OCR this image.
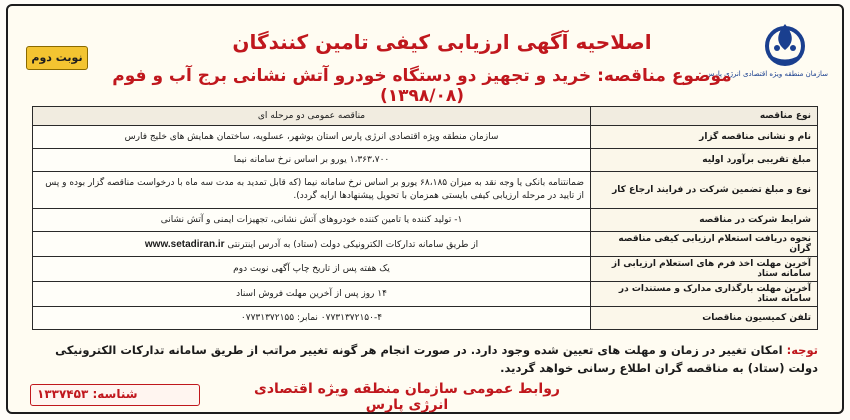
سازمان منطقه ویژه اقتصادی انرژی پارس
اصلاحیه آگهی ارزیابی کیفی تامین کنندگان
موضوع مناقصه: خرید و تجهیز دو دستگاه خودرو آتش نشانی برج آب و فوم (۱۳۹۸/۰۸)
نوبت دوم
نوع مناقصه	مناقصه عمومی دو مرحله ای
نام و نشانی مناقصه گزار	سازمان منطقه ویژه اقتصادی انرژی پارس استان بوشهر، عسلویه، ساختمان همایش های خلیج فارس
مبلغ تقریبی برآورد اولیه	۱،۳۶۳،۷۰۰ یورو بر اساس نرخ سامانه نیما
نوع و مبلغ تضمین شرکت در فرایند ارجاع کار	ضمانتنامه بانکی یا وجه نقد به میزان ۶۸،۱۸۵ یورو بر اساس نرخ سامانه نیما (که قابل تمدید به مدت سه ماه با درخواست مناقصه گزار بوده و پس از تایید در مرحله ارزیابی کیفی بایستی همزمان با تحویل پیشنهادها ارایه گردد).
شرایط شرکت در مناقصه	۱- تولید کننده یا تامین کننده خودروهای آتش نشانی، تجهیزات ایمنی و آتش نشانی
نحوه دریافت استعلام ارزیابی کیفی مناقصه گران	از طریق سامانه تدارکات الکترونیکی دولت (ستاد) به آدرس اینترنتی www.setadiran.ir
آخرین مهلت اخذ فرم های استعلام ارزیابی از سامانه ستاد	یک هفته پس از تاریخ چاپ آگهی نوبت دوم
آخرین مهلت بارگذاری مدارک و مستندات در سامانه ستاد	۱۴ روز پس از آخرین مهلت فروش اسناد
تلفن کمیسیون مناقصات	۰۷۷۳۱۳۷۲۱۵۰-۴ نمابر: ۰۷۷۳۱۳۷۲۱۵۵
توجه: امکان تغییر در زمان و مهلت های تعیین شده وجود دارد. در صورت انجام هر گونه تغییر مراتب از طریق سامانه تدارکات الکترونیکی دولت (ستاد) به مناقصه گران اطلاع رسانی خواهد گردید.
روابط عمومی سازمان منطقه ویژه اقتصادی انرژی پارس
شناسه: ۱۳۳۷۴۵۳
